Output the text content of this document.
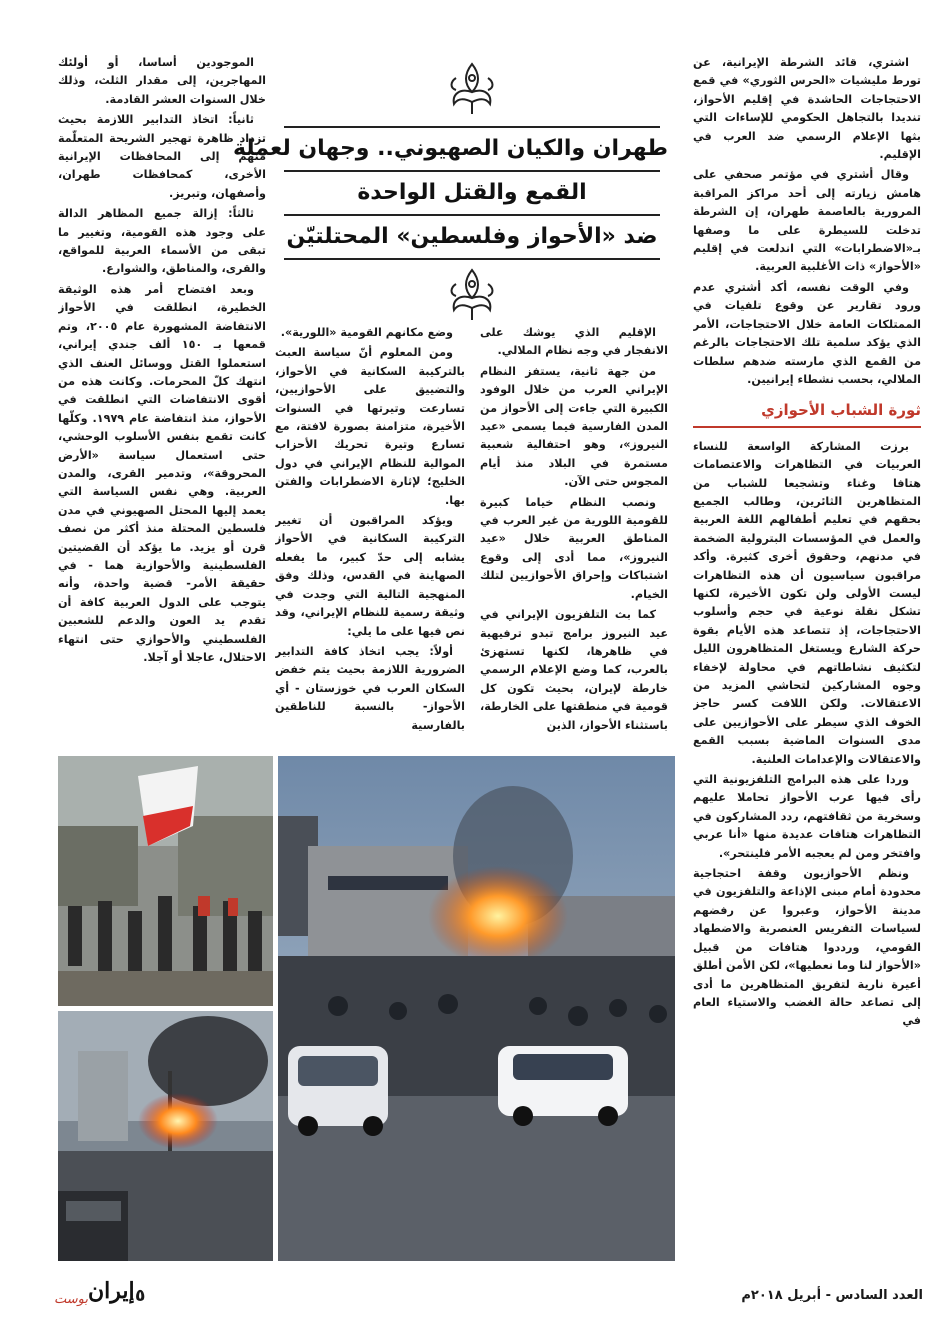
اشتري، قائد الشرطة الإيرانية، عن تورط مليشيات «الحرس الثوري» في قمع الاحتجاجات الحاشدة في إقليم الأحواز، تنديدا بالتجاهل الحكومي للإساءات التي بثها الإعلام الرسمي ضد العرب في الإقليم.

وقال أشتري في مؤتمر صحفي على هامش زيارته إلى أحد مراكز المراقبة المرورية بالعاصمة طهران، إن الشرطة تدخلت للسيطرة على ما وصفها بـ«الاضطرابات» التي اندلعت في إقليم «الأحواز» ذات الأغلبية العربية.

وفي الوقت نفسه، أكد أشتري عدم ورود تقارير عن وقوع تلفيات في الممتلكات العامة خلال الاحتجاجات، الأمر الذي يؤكد سلمية تلك الاحتجاجات بالرغم من القمع الذي مارسته ضدهم سلطات الملالي، بحسب نشطاء إيرانيين.

ثورة الشباب الأحوازي

برزت المشاركة الواسعة للنساء العربيات في التظاهرات والاعتصامات هتافا وغناء وتشجيعا للشباب من المتظاهرين الثائرين، وطالب الجميع بحقهم في تعليم أطفالهم اللغة العربية والعمل في المؤسسات البترولية الضخمة في مدنهم، وحقوق أخرى كثيرة. وأكد مراقبون سياسيون أن هذه التظاهرات ليست الأولى ولن تكون الأخيرة، لكنها تشكل نقلة نوعية في حجم وأسلوب الاحتجاجات، إذ تتصاعد هذه الأيام بقوة حركة الشارع ويستغل المتظاهرون الليل لتكثيف نشاطاتهم في محاولة لإخفاء وجوه المشاركين لتحاشي المزيد من الاعتقالات. ولكن اللافت كسر حاجز الخوف الذي سيطر على الأحوازيين على مدى السنوات الماضية بسبب القمع والاعتقالات والإعدامات العلنية.

وردا على هذه البرامج التلفزيونية التي رأى فيها عرب الأحواز تحاملا عليهم وسخرية من ثقافتهم، ردد المشاركون في التظاهرات هتافات عديدة منها «أنا عربي وافتخر ومن لم يعجبه الأمر فلينتحر».

ونظم الأحوازيون وقفة احتجاجية محدودة أمام مبنى الإذاعة والتلفزيون في مدينة الأحواز، وعبروا عن رفضهم لسياسات التفريس العنصرية والاضطهاد القومي، ورددوا هتافات من قبيل «الأحواز لنا وما نعطيها»، لكن الأمن أطلق أعيرة نارية لتفريق المتظاهرين ما أدى إلى تصاعد حالة الغضب والاستياء العام في

طهران والكيان الصهيوني.. وجهان لعملة
القمع والقتل الواحدة
ضد «الأحواز وفلسطين» المحتلتيّن

الإقليم الذي يوشك على الانفجار في وجه نظام الملالي.

من جهة ثانية، يستفز النظام الإيراني العرب من خلال الوفود الكبيرة التي جاءت إلى الأحواز من المدن الفارسية فيما يسمى «عيد النيروز»، وهو احتفالية شعبية مستمرة في البلاد منذ أيام المجوس حتى الآن.

ونصب النظام خياما كبيرة للقومية اللورية من غير العرب في المناطق العربية خلال «عيد النيروز»، مما أدى إلى وقوع اشتباكات وإحراق الأحوازيين لتلك الخيام.

كما بث التلفزيون الإيراني في عيد النيروز برامج تبدو ترفيهية في ظاهرها، لكنها تستهزئ بالعرب، كما وضع الإعلام الرسمي خارطة لإيران، بحيث تكون كل قومية في منطقتها على الخارطة، باستثناء الأحواز، الذين

وضع مكانهم القومية «اللورية».

ومن المعلوم أنّ سياسة العبث بالتركيبة السكانية في الأحواز، والتضييق على الأحوازيين، تسارعت وتيرتها في السنوات الأخيرة، متزامنة بصورة لافتة، مع تسارع وتيرة تحريك الأحزاب الموالية للنظام الإيراني في دول الخليج؛ لإثارة الاضطرابات والفتن بها.

ويؤكد المراقبون أن تغيير التركيبة السكانية في الأحواز يشابه إلى حدّ كبير، ما يفعله الصهاينة في القدس، وذلك وفق المنهجية التالية التي وجدت في وثيقة رسمية للنظام الإيراني، وقد نص فيها على ما يلي:

أولاً: يجب اتخاذ كافة التدابير الضرورية اللازمة بحيث يتم خفض السكان العرب في خوزستان - أي الأحواز- بالنسبة للناطقين بالفارسية

الموجودين أساسا، أو أولئك المهاجرين، إلى مقدار الثلث، وذلك خلال السنوات العشر القادمة.

ثانياً: اتخاذ التدابير اللازمة بحيث تزداد ظاهرة تهجير الشريحة المتعلّمة منهم إلى المحافظات الإيرانية الأخرى، كمحافظات طهران، وأصفهان، وتبريز.

ثالثاً: إزالة جميع المظاهر الدالة على وجود هذه القومية، وتغيير ما تبقى من الأسماء العربية للمواقع، والقرى، والمناطق، والشوارع.

وبعد افتضاح أمر هذه الوثيقة الخطيرة، انطلقت في الأحواز الانتفاضة المشهورة عام ٢٠٠٥، وتم قمعها بـ ١٥٠ ألف جندي إيراني، استعملوا القتل ووسائل العنف الذي انتهك كلّ المحرمات. وكانت هذه من أقوى الانتفاضات التي انطلقت في الأحواز، منذ انتفاضة عام ١٩٧٩. وكلّها كانت تقمع بنفس الأسلوب الوحشي، حتى استعمال سياسة «الأرض المحروقة»، وتدمير القرى، والمدن العربية. وهي نفس السياسة التي يعمد إليها المحتل الصهيوني في مدن فلسطين المحتلة منذ أكثر من نصف قرن أو يزيد. ما يؤكد أن القضيتين الفلسطينية والأحوازية هما - في حقيقة الأمر- قضية واحدة، وأنه يتوجب على الدول العربية كافة أن تقدم يد العون والدعم للشعبين الفلسطيني والأحوازي حتى انتهاء الاحتلال، عاجلا أو آجلا.

العدد السادس - أبريل ٢٠١٨م
٥
إيران
بوست
